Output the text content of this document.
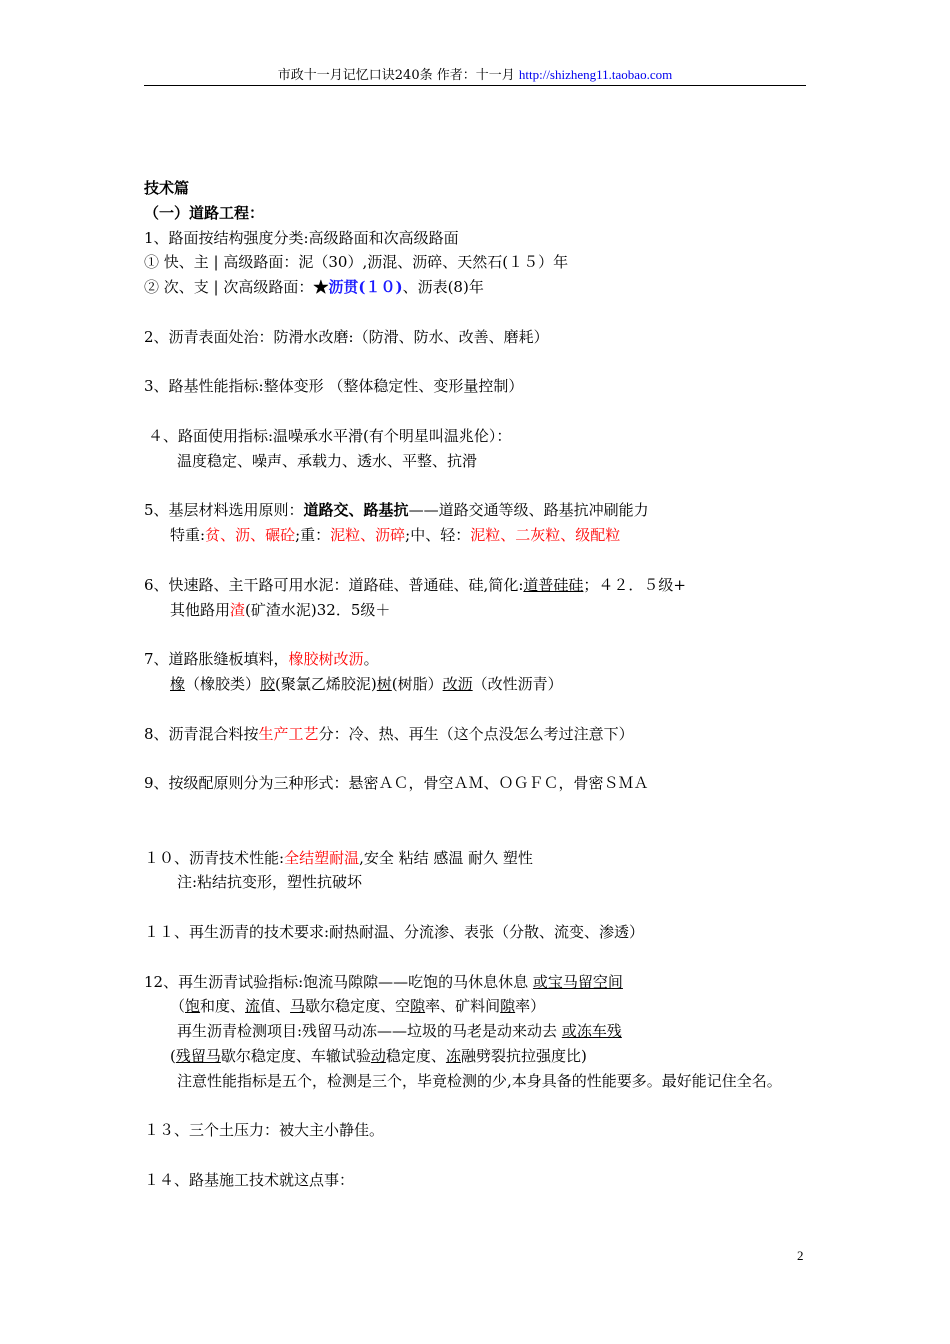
市政十一月记忆口诀240条 作者：十一月 http://shizheng11.taobao.com
技术篇
（一）道路工程：
1、路面按结构强度分类:高级路面和次高级路面
① 快、主 | 高级路面：泥（30）,沥混、沥碎、天然石(１５）年
② 次、支 | 次高级路面：★沥贯(１０)、沥表(8)年
2、沥青表面处治：防滑水改磨:（防滑、防水、改善、磨耗）
3、路基性能指标:整体变形 （整体稳定性、变形量控制）
４、路面使用指标:温噪承水平滑(有个明星叫温兆伦）：
温度稳定、噪声、承载力、透水、平整、抗滑
5、基层材料选用原则：道路交、路基抗——道路交通等级、路基抗冲刷能力
特重:贫、沥、碾砼;重：泥粒、沥碎;中、轻：泥粒、二灰粒、级配粒
6、快速路、主干路可用水泥：道路硅、普通硅、硅,简化:道普硅硅；４２．５级+
其他路用渣(矿渣水泥)32．5级＋
7、道路胀缝板填料，橡胶树改沥。
橡（橡胶类）胶(聚氯乙烯胶泥)树(树脂）改沥（改性沥青）
8、沥青混合料按生产工艺分：冷、热、再生（这个点没怎么考过注意下）
9、按级配原则分为三种形式：悬密ＡＣ，骨空ＡＭ、ＯＧＦＣ，骨密ＳＭＡ
１０、沥青技术性能:全结塑耐温,安全 粘结 感温 耐久 塑性
注:粘结抗变形，塑性抗破坏
１１、再生沥青的技术要求:耐热耐温、分流渗、表张（分散、流变、渗透）
12、再生沥青试验指标:饱流马隙隙——吃饱的马休息休息 或宝马留空间
（饱和度、流值、马歇尔稳定度、空隙率、矿料间隙率）
再生沥青检测项目:残留马动冻——垃圾的马老是动来动去 或冻车残
(残留马歇尔稳定度、车辙试验动稳定度、冻融劈裂抗拉强度比)
注意性能指标是五个，检测是三个，毕竟检测的少,本身具备的性能要多。最好能记住全名。
１３、三个土压力：被大主小静佳。
１４、路基施工技术就这点事：
2
